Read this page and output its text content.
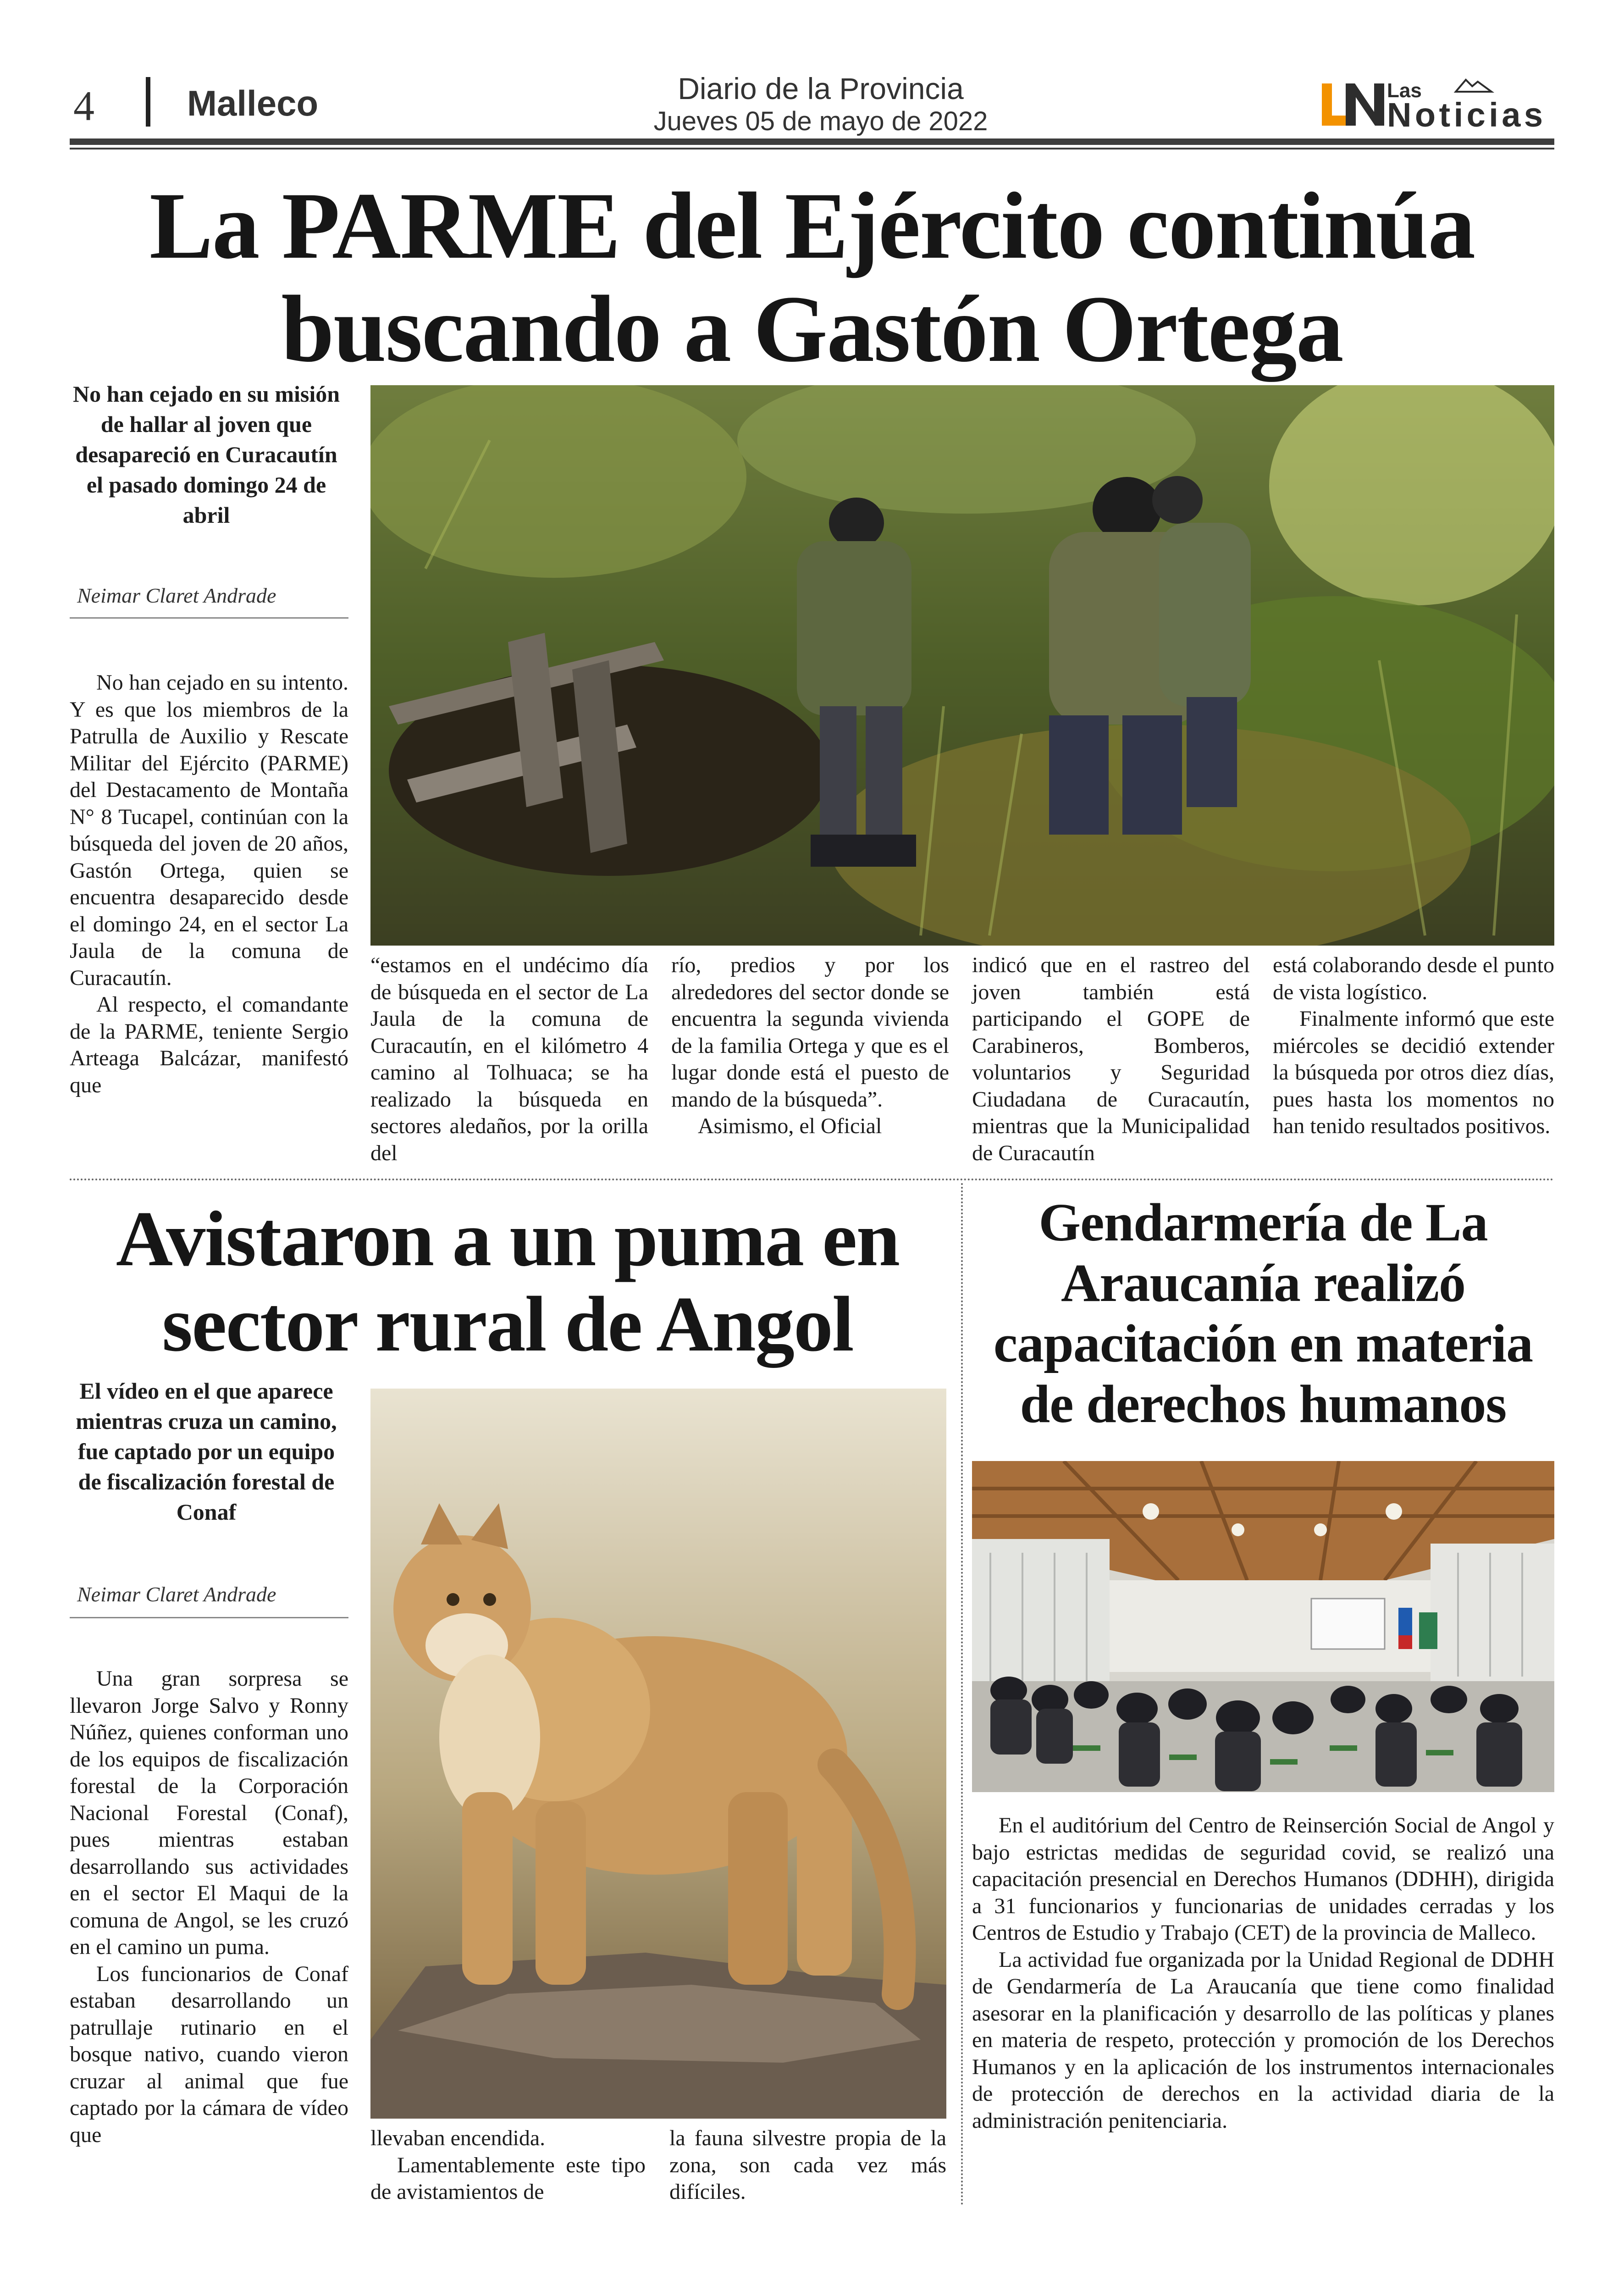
4	Malleco	Diario de la Provincia
Jueves 05 de mayo de 2022
Las
Noticias
La PARME del Ejército continúa
buscando a Gastón Ortega
No han cejado en su misión de hallar al joven que desapareció en Curacautín el pasado domingo 24 de abril
Neimar Claret Andrade

No han cejado en su intento. Y es que los miembros de la Patrulla de Auxilio y Rescate Militar del Ejército (PARME) del Destacamento de Montaña N° 8 Tucapel, continúan con la búsqueda del joven de 20 años, Gastón Ortega, quien se encuentra desaparecido desde el domingo 24, en el sector La Jaula de la comuna de Curacautín.

Al respecto, el comandante de la PARME, teniente Sergio Arteaga Balcázar, manifestó que

“estamos en el undécimo día de búsqueda en el sector de La Jaula de la comuna de Curacautín, en el kilómetro 4 camino al Tolhuaca; se ha realizado la búsqueda en sectores aledaños, por la orilla del

río, predios y por los alrededores del sector donde se encuentra la segunda vivienda de la familia Ortega y que es el lugar donde está el puesto de mando de la búsqueda”.

Asimismo, el Oficial

indicó que en el rastreo del joven también está participando el GOPE de Carabineros, Bomberos, voluntarios y Seguridad Ciudadana de Curacautín, mientras que la Municipalidad de Curacautín

está colaborando desde el punto de vista logístico.

Finalmente informó que este miércoles se decidió extender la búsqueda por otros diez días, pues hasta los momentos no han tenido resultados positivos.

Avistaron a un puma en
sector rural de Angol
El vídeo en el que aparece mientras cruza un camino, fue captado por un equipo de fiscalización forestal de Conaf
Neimar Claret Andrade

Una gran sorpresa se llevaron Jorge Salvo y Ronny Núñez, quienes conforman uno de los equipos de fiscalización forestal de la Corporación Nacional Forestal (Conaf), pues mientras estaban desarrollando sus actividades en el sector El Maqui de la comuna de Angol, se les cruzó en el camino un puma.

Los funcionarios de Conaf estaban desarrollando un patrullaje rutinario en el bosque nativo, cuando vieron cruzar al animal que fue captado por la cámara de vídeo que	llevaban encendida.

Lamentablemente este tipo de avistamientos de

la fauna silvestre propia de la zona, son cada vez más difíciles.

Gendarmería de La
Araucanía realizó
capacitación en materia
de derechos humanos

En el auditórium del Centro de Reinserción Social de Angol y bajo estrictas medidas de seguridad covid, se realizó una capacitación presencial en Derechos Humanos (DDHH), dirigida a 31 funcionarios y funcionarias de unidades cerradas y los Centros de Estudio y Trabajo (CET) de la provincia de Malleco.

La actividad fue organizada por la Unidad Regional de DDHH de Gendarmería de La Araucanía que tiene como finalidad asesorar en la planificación y desarrollo de las políticas y planes en materia de respeto, protección y promoción de los Derechos Humanos y en la aplicación de los instrumentos internacionales de protección de derechos en la actividad diaria de la administración penitenciaria.
